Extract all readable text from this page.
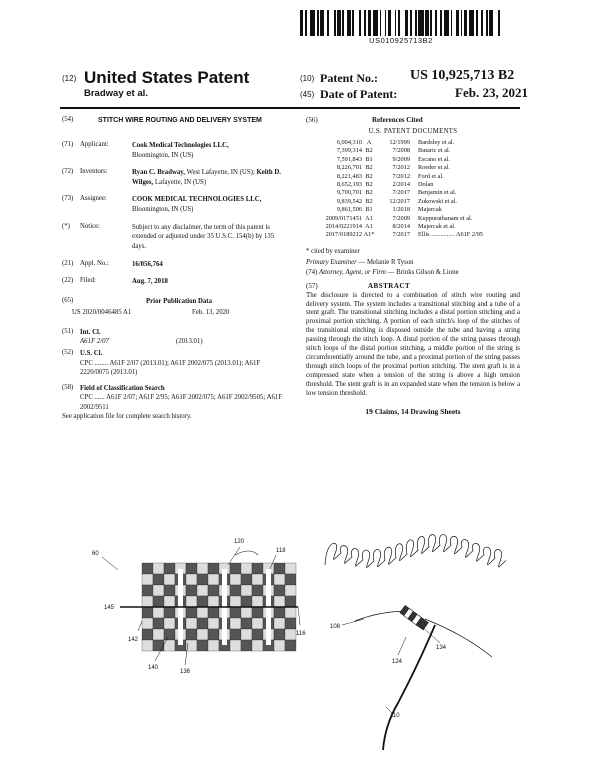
US010925713B2
(12) United States Patent
Bradway et al.
(10) Patent No.: US 10,925,713 B2
(45) Date of Patent:	Feb. 23, 2021
(54)	STITCH WIRE ROUTING AND DELIVERY SYSTEM
(71) Applicant:	Cook Medical Technologies LLC,
Bloomington, IN (US)
(72) Inventors:	Ryan C. Bradway, West Lafayette, IN (US); Keith D. Wilges, Lafayette, IN (US)
(73) Assignee:	COOK MEDICAL TECHNOLOGIES LLC, Bloomington, IN (US)
(*)	Notice:	Subject to any disclaimer, the term of this patent is extended or adjusted under 35 U.S.C. 154(b) by 135 days.
(21) Appl. No.:	16/056,764
(22) Filed:	Aug. 7, 2018
(65)	Prior Publication Data
US 2020/0046485 A1	Feb. 13, 2020
(51) Int. Cl.
A61F 2/07	(2013.01)
(52) U.S. Cl.
CPC ........ A61F 2/07 (2013.01); A61F 2002/075 (2013.01); A61F 2220/0075 (2013.01)
(58) Field of Classification Search
CPC ...... A61F 2/07; A61F 2/95; A61F 2002/075; A61F 2002/9505; A61F 2002/9511
See application file for complete search history.
(56)	References Cited
U.S. PATENT DOCUMENTS
6,004,310 A	12/1999	Bardsley et al.
7,399,314 B2	7/2008	Butaric et al.
7,591,843 B1	9/2009	Escano et al.
8,226,701 B2	7/2012	Roeder et al.
8,221,483 B2	7/2012	Ford et al.
8,652,193 B2	2/2014	Dolan
9,700,701 B2	7/2017	Benjamin et al.
9,839,542 B2	12/2017	Zukowski et al.
9,861,506 B1	1/2018	Majercak
2009/0171451 A1	7/2009	Kuppurathanam et al.
2014/0221914 A1	8/2014	Majercak et al.
2017/0189212 A1*	7/2017	Ellis ............... A61F 2/95
* cited by examiner
Primary Examiner — Melanie R Tyson
(74) Attorney, Agent, or Firm — Brinks Gilson & Lione
(57)	ABSTRACT
The disclosure is directed to a combination of stitch wire routing and delivery system. The system includes a transitional stitching and a tube of a stent graft. The transitional stitching includes a distal portion stitching and a proximal portion stitching. A portion of each stitch's loop of the stitches of the transitional stitching is disposed outside the tube and having a string passing through the stitch loop. A distal portion of the string passes through stitch loops of the distal portion stitching, a middle portion of the string is circumferentially around the tube, and a proximal portion of the string passes through stitch loops of the proximal portion stitching. The stent graft is in a compressed state when a tension of the string is above a high tension threshold. The stent graft is in an expanded state when the tension is below a low tension threshold.
19 Claims, 14 Drawing Sheets
60
120
118
145
142
140
136
116
108
134
124
110
